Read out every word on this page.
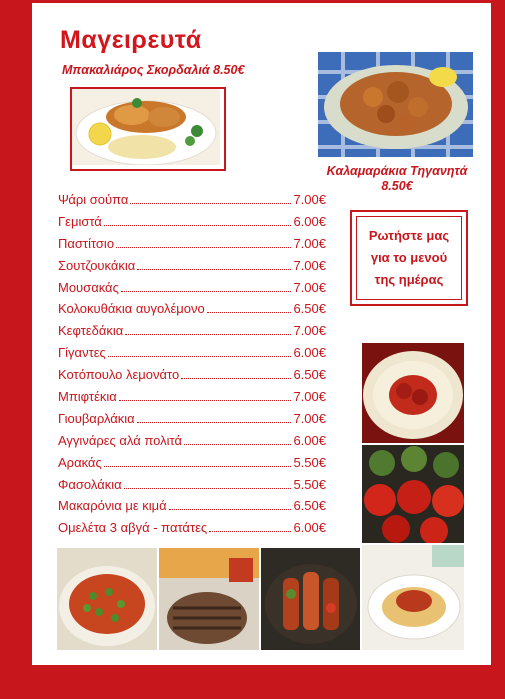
Μαγειρευτά
Μπακαλιάρος Σκορδαλιά 8.50€
Καλαμαράκια Τηγανητά
8.50€
Ψάρι σούπα	7.00€
Γεμιστά	6.00€
Παστίτσιο	7.00€
Σουτζουκάκια	7.00€
Μουσακάς	7.00€
Κολοκυθάκια αυγολέμονο	6.50€
Κεφτεδάκια	7.00€
Γίγαντες	6.00€
Κοτόπουλο λεμονάτο	6.50€
Μπιφτέκια	7.00€
Γιουβαρλάκια	7.00€
Αγγινάρες αλά πολιτά	6.00€
Αρακάς	5.50€
Φασολάκια	5.50€
Μακαρόνια με κιμά	6.50€
Ομελέτα 3 αβγά - πατάτες	6.00€
Ρωτήστε μας
για το μενού
της ημέρας
